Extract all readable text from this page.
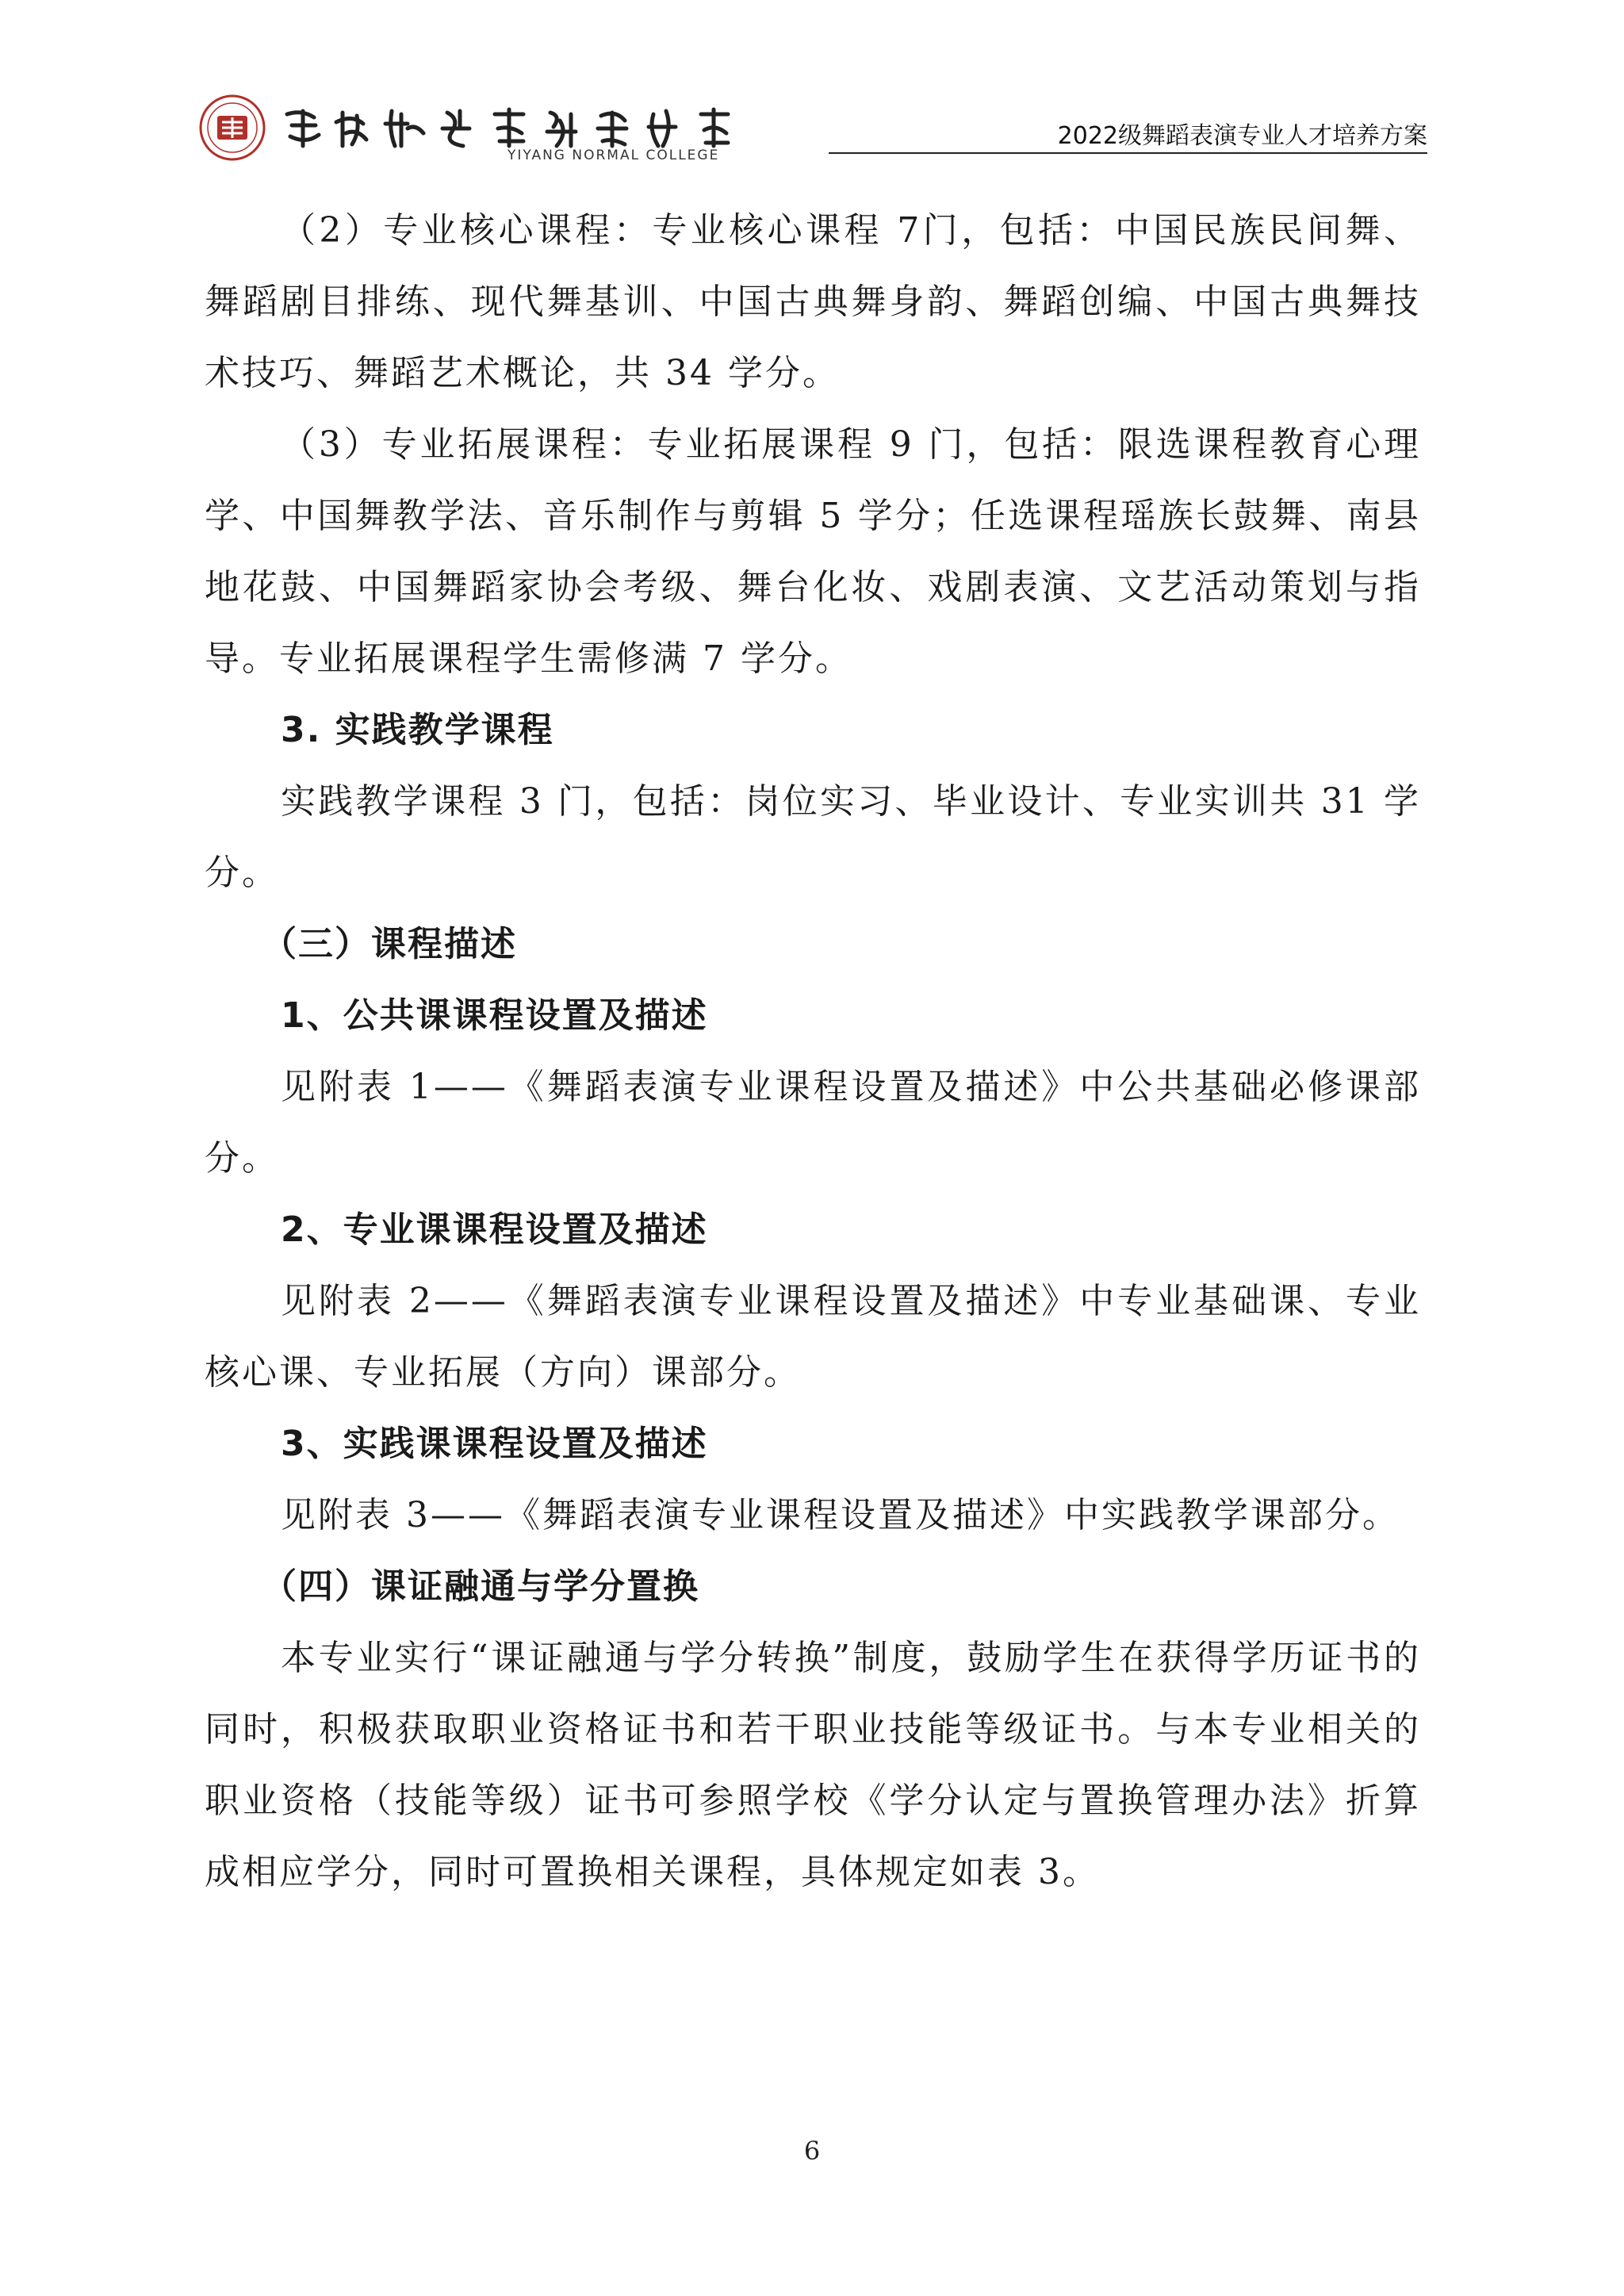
YIYANG NORMAL COLLEGE
2022级舞蹈表演专业人才培养方案

（2）专业核心课程：专业核心课程 7门，包括：中国民族民间舞、舞蹈剧目排练、现代舞基训、中国古典舞身韵、舞蹈创编、中国古典舞技术技巧、舞蹈艺术概论，共 34 学分。

（3）专业拓展课程：专业拓展课程 9 门，包括：限选课程教育心理学、中国舞教学法、音乐制作与剪辑 5 学分；任选课程瑶族长鼓舞、南县地花鼓、中国舞蹈家协会考级、舞台化妆、戏剧表演、文艺活动策划与指导。专业拓展课程学生需修满 7 学分。

3. 实践教学课程

实践教学课程 3 门，包括：岗位实习、毕业设计、专业实训共 31 学分。

（三）课程描述

1、公共课课程设置及描述

见附表 1——《舞蹈表演专业课程设置及描述》中公共基础必修课部分。

2、专业课课程设置及描述

见附表 2——《舞蹈表演专业课程设置及描述》中专业基础课、专业核心课、专业拓展（方向）课部分。

3、实践课课程设置及描述

见附表 3——《舞蹈表演专业课程设置及描述》中实践教学课部分。

（四）课证融通与学分置换

本专业实行“课证融通与学分转换”制度，鼓励学生在获得学历证书的同时，积极获取职业资格证书和若干职业技能等级证书。与本专业相关的职业资格（技能等级）证书可参照学校《学分认定与置换管理办法》折算成相应学分，同时可置换相关课程，具体规定如表 3。

6
